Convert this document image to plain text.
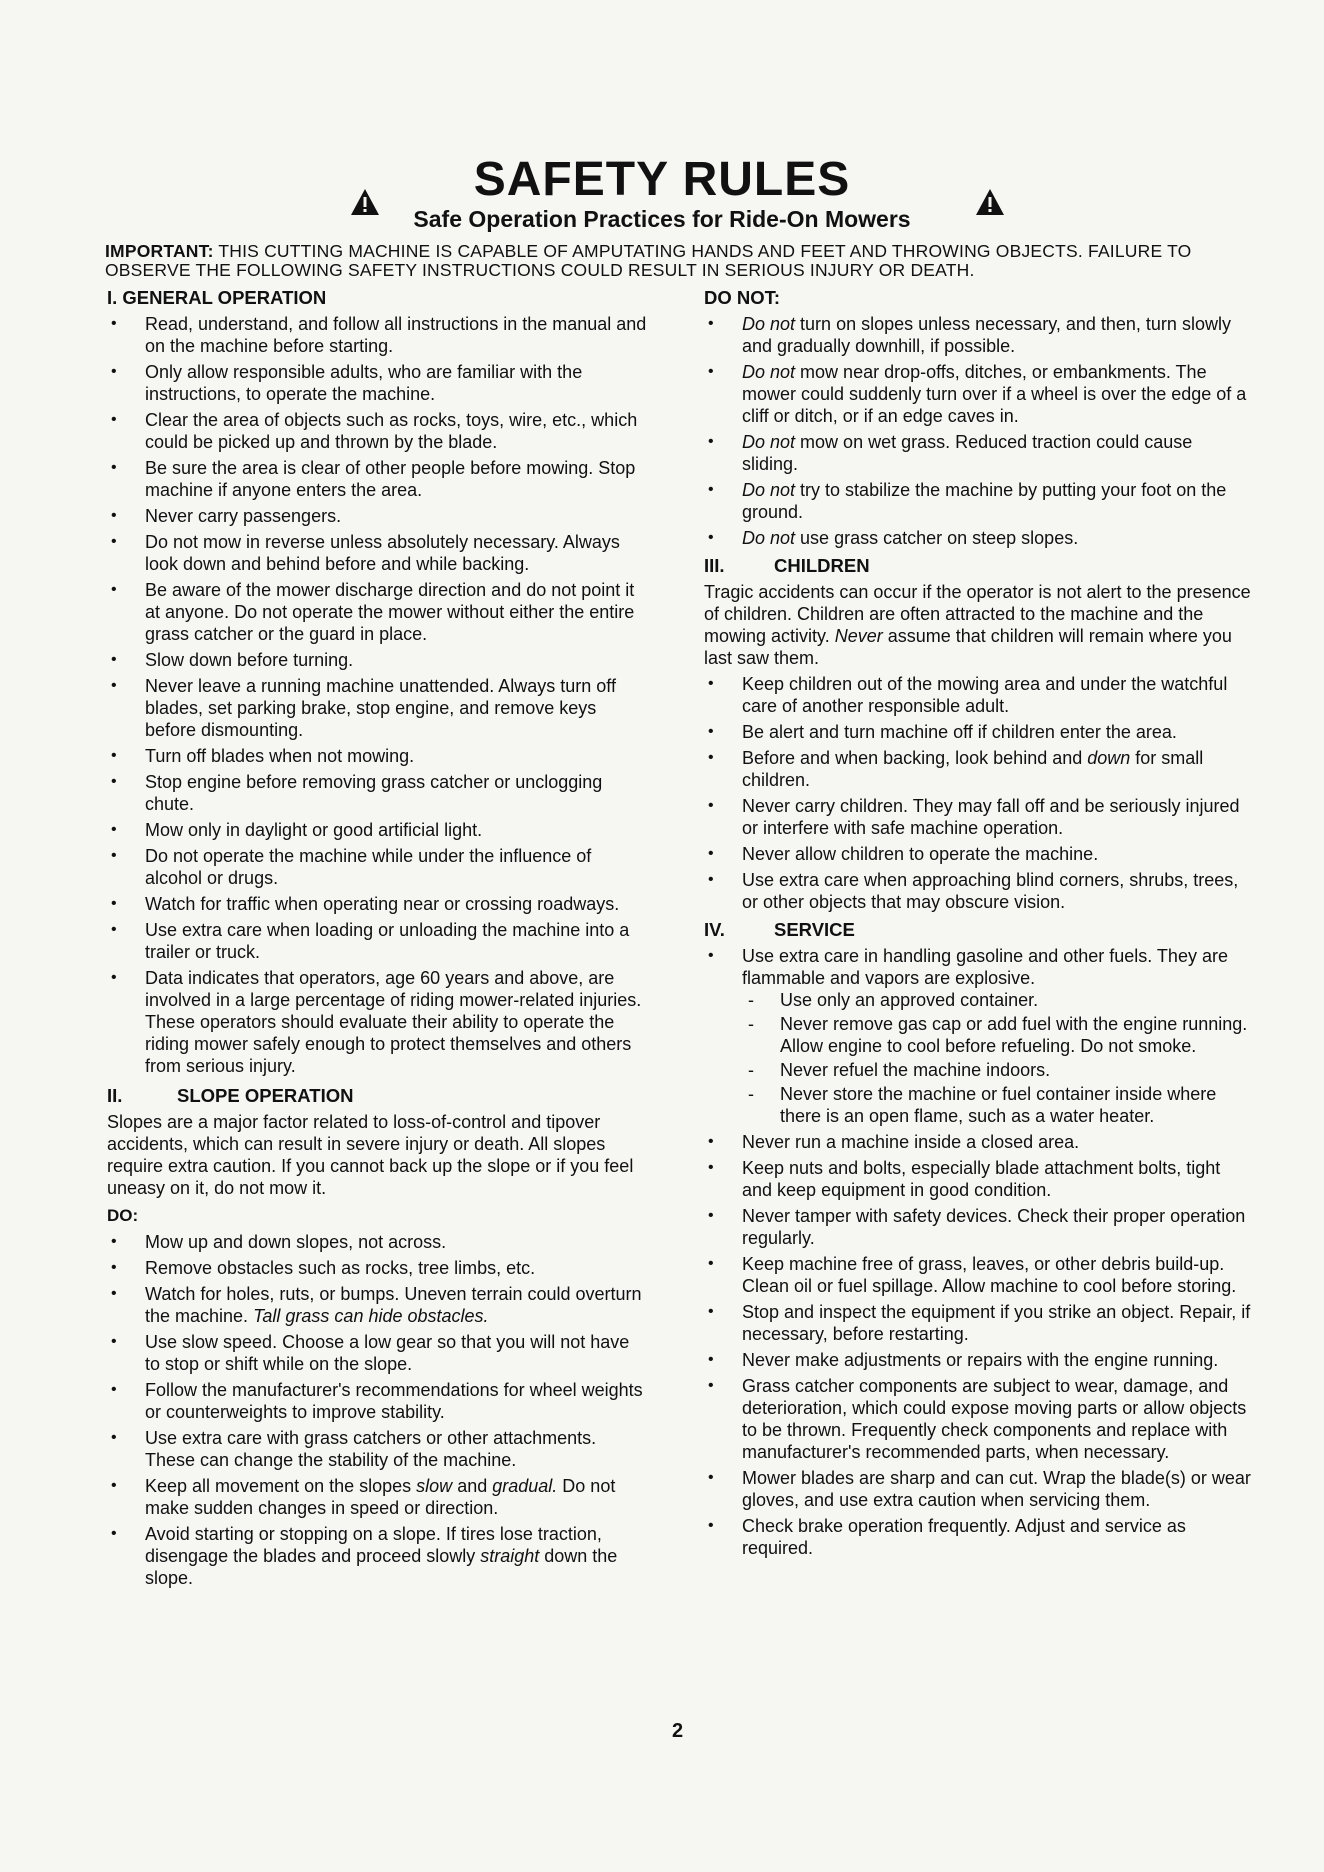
SAFETY RULES
Safe Operation Practices for Ride-On Mowers
IMPORTANT: THIS CUTTING MACHINE IS CAPABLE OF AMPUTATING HANDS AND FEET AND THROWING OBJECTS. FAILURE TO OBSERVE THE FOLLOWING SAFETY INSTRUCTIONS COULD RESULT IN SERIOUS INJURY OR DEATH.
I. GENERAL OPERATION
• Read, understand, and follow all instructions in the manual and on the machine before starting.
• Only allow responsible adults, who are familiar with the instructions, to operate the machine.
• Clear the area of objects such as rocks, toys, wire, etc., which could be picked up and thrown by the blade.
• Be sure the area is clear of other people before mowing. Stop machine if anyone enters the area.
• Never carry passengers.
• Do not mow in reverse unless absolutely necessary. Always look down and behind before and while backing.
• Be aware of the mower discharge direction and do not point it at anyone. Do not operate the mower without either the entire grass catcher or the guard in place.
• Slow down before turning.
• Never leave a running machine unattended. Always turn off blades, set parking brake, stop engine, and remove keys before dismounting.
• Turn off blades when not mowing.
• Stop engine before removing grass catcher or unclogging chute.
• Mow only in daylight or good artificial light.
• Do not operate the machine while under the influence of alcohol or drugs.
• Watch for traffic when operating near or crossing roadways.
• Use extra care when loading or unloading the machine into a trailer or truck.
• Data indicates that operators, age 60 years and above, are involved in a large percentage of riding mower-related injuries. These operators should evaluate their ability to operate the riding mower safely enough to protect themselves and others from serious injury.
II.	SLOPE OPERATION

Slopes are a major factor related to loss-of-control and tipover accidents, which can result in severe injury or death. All slopes require extra caution. If you cannot back up the slope or if you feel uneasy on it, do not mow it.

DO:
• Mow up and down slopes, not across.
• Remove obstacles such as rocks, tree limbs, etc.
• Watch for holes, ruts, or bumps. Uneven terrain could overturn the machine. Tall grass can hide obstacles.
• Use slow speed. Choose a low gear so that you will not have to stop or shift while on the slope.
• Follow the manufacturer's recommendations for wheel weights or counterweights to improve stability.
• Use extra care with grass catchers or other attachments. These can change the stability of the machine.
• Keep all movement on the slopes slow and gradual. Do not make sudden changes in speed or direction.
• Avoid starting or stopping on a slope. If tires lose traction, disengage the blades and proceed slowly straight down the slope.
DO NOT:
• Do not turn on slopes unless necessary, and then, turn slowly and gradually downhill, if possible.
• Do not mow near drop-offs, ditches, or embankments. The mower could suddenly turn over if a wheel is over the edge of a cliff or ditch, or if an edge caves in.
• Do not mow on wet grass. Reduced traction could cause sliding.
• Do not try to stabilize the machine by putting your foot on the ground.
• Do not use grass catcher on steep slopes.
III.	CHILDREN

Tragic accidents can occur if the operator is not alert to the presence of children. Children are often attracted to the machine and the mowing activity. Never assume that children will remain where you last saw them.

• Keep children out of the mowing area and under the watchful care of another responsible adult.
• Be alert and turn machine off if children enter the area.
• Before and when backing, look behind and down for small children.
• Never carry children. They may fall off and be seriously injured or interfere with safe machine operation.
• Never allow children to operate the machine.
• Use extra care when approaching blind corners, shrubs, trees, or other objects that may obscure vision.
IV.	SERVICE
• Use extra care in handling gasoline and other fuels. They are flammable and vapors are explosive.
- Use only an approved container.
- Never remove gas cap or add fuel with the engine running. Allow engine to cool before refueling. Do not smoke.
- Never refuel the machine indoors.
- Never store the machine or fuel container inside where there is an open flame, such as a water heater.
• Never run a machine inside a closed area.
• Keep nuts and bolts, especially blade attachment bolts, tight and keep equipment in good condition.
• Never tamper with safety devices. Check their proper operation regularly.
• Keep machine free of grass, leaves, or other debris build-up. Clean oil or fuel spillage. Allow machine to cool before storing.
• Stop and inspect the equipment if you strike an object. Repair, if necessary, before restarting.
• Never make adjustments or repairs with the engine running.
• Grass catcher components are subject to wear, damage, and deterioration, which could expose moving parts or allow objects to be thrown. Frequently check components and replace with manufacturer's recommended parts, when necessary.
• Mower blades are sharp and can cut. Wrap the blade(s) or wear gloves, and use extra caution when servicing them.
• Check brake operation frequently. Adjust and service as required.
2
